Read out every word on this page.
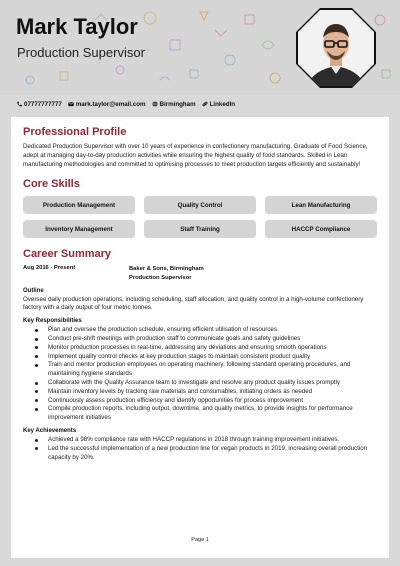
Mark Taylor
Production Supervisor
07777777777 mark.taylor@email.com Birmingham LinkedIn
Professional Profile

Dedicated Production Supervisor with over 10 years of experience in confectionery manufacturing. Graduate of Food Science, adept at managing day-to-day production activities while ensuring the highest quality of food standards. Skilled in Lean manufacturing methodologies and committed to optimising processes to meet production targets efficiently and sustainably!

Core Skills
Production Management	Quality Control	Lean Manufacturing
Inventory Management	Staff Training	HACCP Compliance
Career Summary
Aug 2016 - Present	Baker & Sons, Birmingham
Production Supervisor
Outline

Oversee daily production operations, including scheduling, staff allocation, and quality control in a high-volume confectionery factory with a daily output of four metric tonnes.

Key Responsibilities
Plan and oversee the production schedule, ensuring efficient utilisation of resources
Conduct pre-shift meetings with production staff to communicate goals and safety guidelines
Monitor production processes in real-time, addressing any deviations and ensuring smooth operations
Implement quality control checks at key production stages to maintain consistent product quality
Train and mentor production employees on operating machinery, following standard operating procedures, and maintaining hygiene standards
Collaborate with the Quality Assurance team to investigate and resolve any product quality issues promptly
Maintain inventory levels by tracking raw materials and consumables, initiating orders as needed
Continuously assess production efficiency and identify opportunities for process improvement
Compile production reports, including output, downtime, and quality metrics, to provide insights for performance improvement initiatives
Key Achievements
Achieved a 98% compliance rate with HACCP regulations in 2018 through training improvement initiatives.
Led the successful implementation of a new production line for vegan products in 2019, increasing overall production capacity by 20%.
Page 1
